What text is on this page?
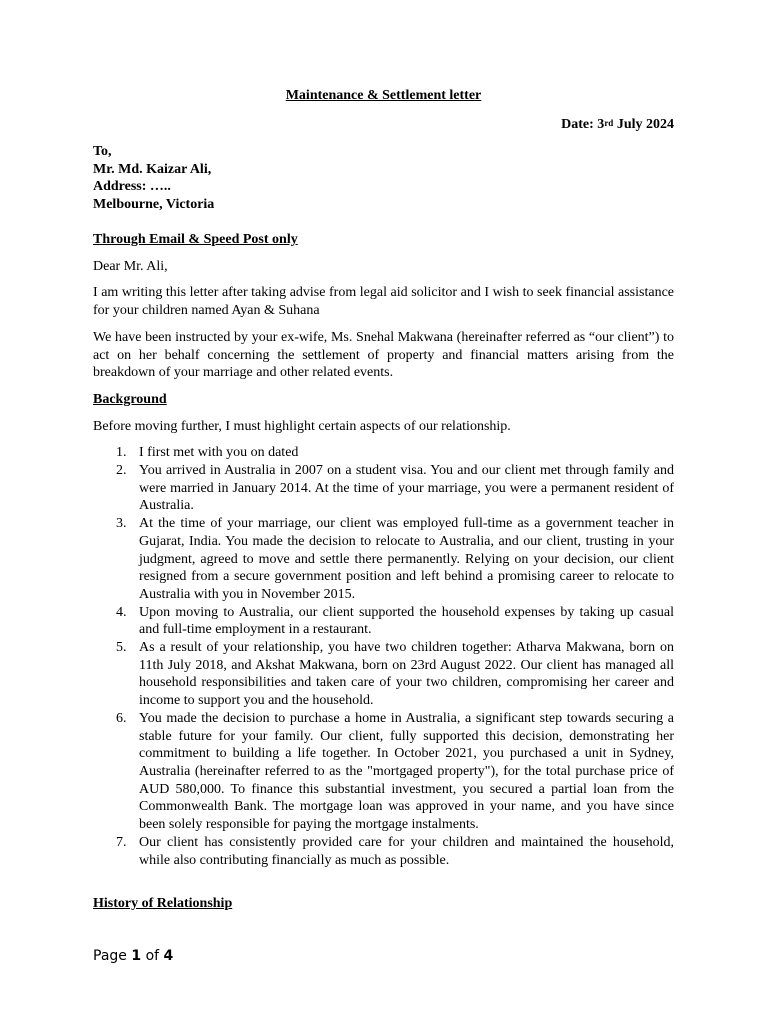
Maintenance & Settlement letter
Date: 3rd July 2024
To,
Mr. Md. Kaizar Ali,
Address: …..
Melbourne, Victoria
Through Email & Speed Post only

Dear Mr. Ali,

I am writing this letter after taking advise from legal aid solicitor and I wish to seek financial assistance for your children named Ayan & Suhana

We have been instructed by your ex-wife, Ms. Snehal Makwana (hereinafter referred as “our client”) to act on her behalf concerning the settlement of property and financial matters arising from the breakdown of your marriage and other related events.

Background

Before moving further, I must highlight certain aspects of our relationship.

1. I first met with you on dated
2. You arrived in Australia in 2007 on a student visa. You and our client met through family and were married in January 2014. At the time of your marriage, you were a permanent resident of Australia.
3. At the time of your marriage, our client was employed full-time as a government teacher in Gujarat, India. You made the decision to relocate to Australia, and our client, trusting in your judgment, agreed to move and settle there permanently. Relying on your decision, our client resigned from a secure government position and left behind a promising career to relocate to Australia with you in November 2015.
4. Upon moving to Australia, our client supported the household expenses by taking up casual and full-time employment in a restaurant.
5. As a result of your relationship, you have two children together: Atharva Makwana, born on 11th July 2018, and Akshat Makwana, born on 23rd August 2022. Our client has managed all household responsibilities and taken care of your two children, compromising her career and income to support you and the household.
6. You made the decision to purchase a home in Australia, a significant step towards securing a stable future for your family. Our client, fully supported this decision, demonstrating her commitment to building a life together. In October 2021, you purchased a unit in Sydney, Australia (hereinafter referred to as the "mortgaged property"), for the total purchase price of AUD 580,000. To finance this substantial investment, you secured a partial loan from the Commonwealth Bank. The mortgage loan was approved in your name, and you have since been solely responsible for paying the mortgage instalments.
7. Our client has consistently provided care for your children and maintained the household, while also contributing financially as much as possible.
History of Relationship
Page 1 of 4
